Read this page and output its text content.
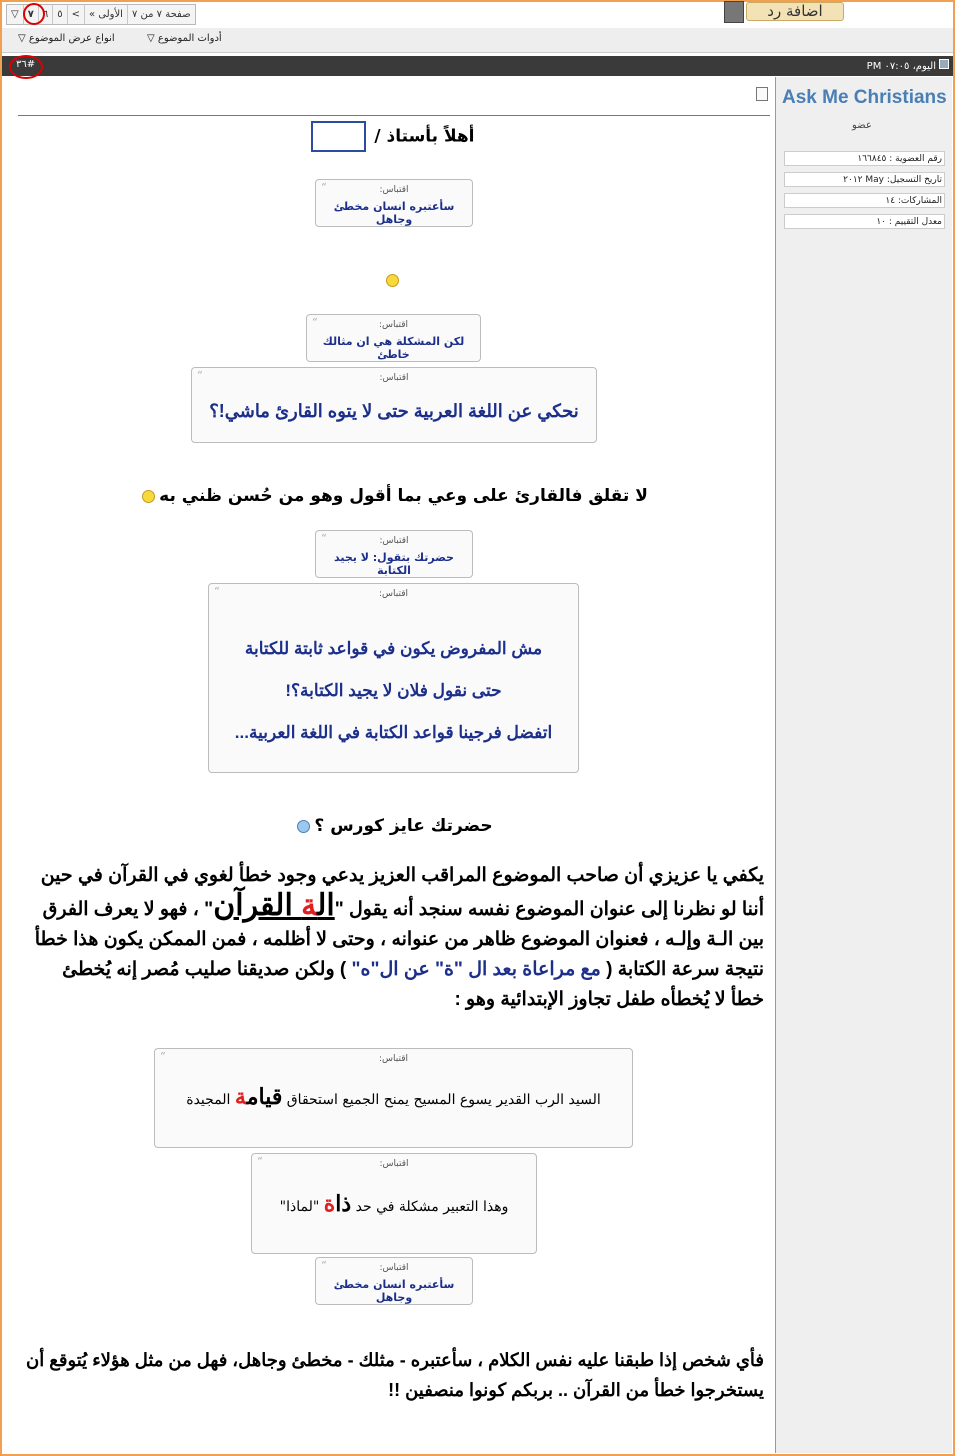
▽ ٧ ٦ ٥ < « الأولى صفحة ٧ من ٧	اضافة رد
انواع عرض الموضوع ▽	أدوات الموضوع ▽
#٣٦	اليوم، ٠٧:٠٥ PM
Ask Me Christians
عضو
رقم العضوية : ١٦٦٨٤٥
تاريخ التسجيل: May ٢٠١٢
المشاركات: ١٤
معدل التقييم : ١٠
أهلاً بأستاذ /
“	اقتباس:
سأعتبره انسان مخطئ وجاهل
“	اقتباس:
لكن المشكلة هي ان مثالك خاطئ
“	اقتباس:
نحكي عن اللغة العربية حتى لا يتوه القارئ ماشي!؟
لا تقلق فالقارئ على وعي بما أقول وهو من حُسن ظني به
“	اقتباس:
حضرتك بتقول: لا يجيد الكتابة
“	اقتباس:
مش المفروض يكون في قواعد ثابتة للكتابة
حتى نقول فلان لا يجيد الكتابة؟!
اتفضل فرجينا قواعد الكتابة في اللغة العربية...
حضرتك عايز كورس ؟
يكفي يا عزيزي أن صاحب الموضوع المراقب العزيز يدعي وجود خطأ لغوي في القرآن في حين أننا لو نظرنا إلى عنوان الموضوع نفسه سنجد أنه يقول "الة القرآن" ، فهو لا يعرف الفرق بين الـة وإلـه ، فعنوان الموضوع ظاهر من عنوانه ، وحتى لا أظلمه ، فمن الممكن يكون هذا خطأ نتيجة سرعة الكتابة ( مع مراعاة بعد ال "ة" عن ال"ه" ) ولكن صديقنا صليب مُصر إنه يُخطئ خطأ لا يُخطأه طفل تجاوز الإبتدائية وهو :
“	اقتباس:
السيد الرب القدير يسوع المسيح يمنح الجميع استحقاق قيامة المجيدة
“	اقتباس:
وهذا التعبير مشكلة في حد ذاة "لماذا"
“	اقتباس:
سأعتبره انسان مخطئ وجاهل
فأي شخص إذا طبقنا عليه نفس الكلام ، سأعتبره - مثلك - مخطئ وجاهل، فهل من مثل هؤلاء يُتوقع أن يستخرجوا خطأ من القرآن .. بربكم كونوا منصفين !!
